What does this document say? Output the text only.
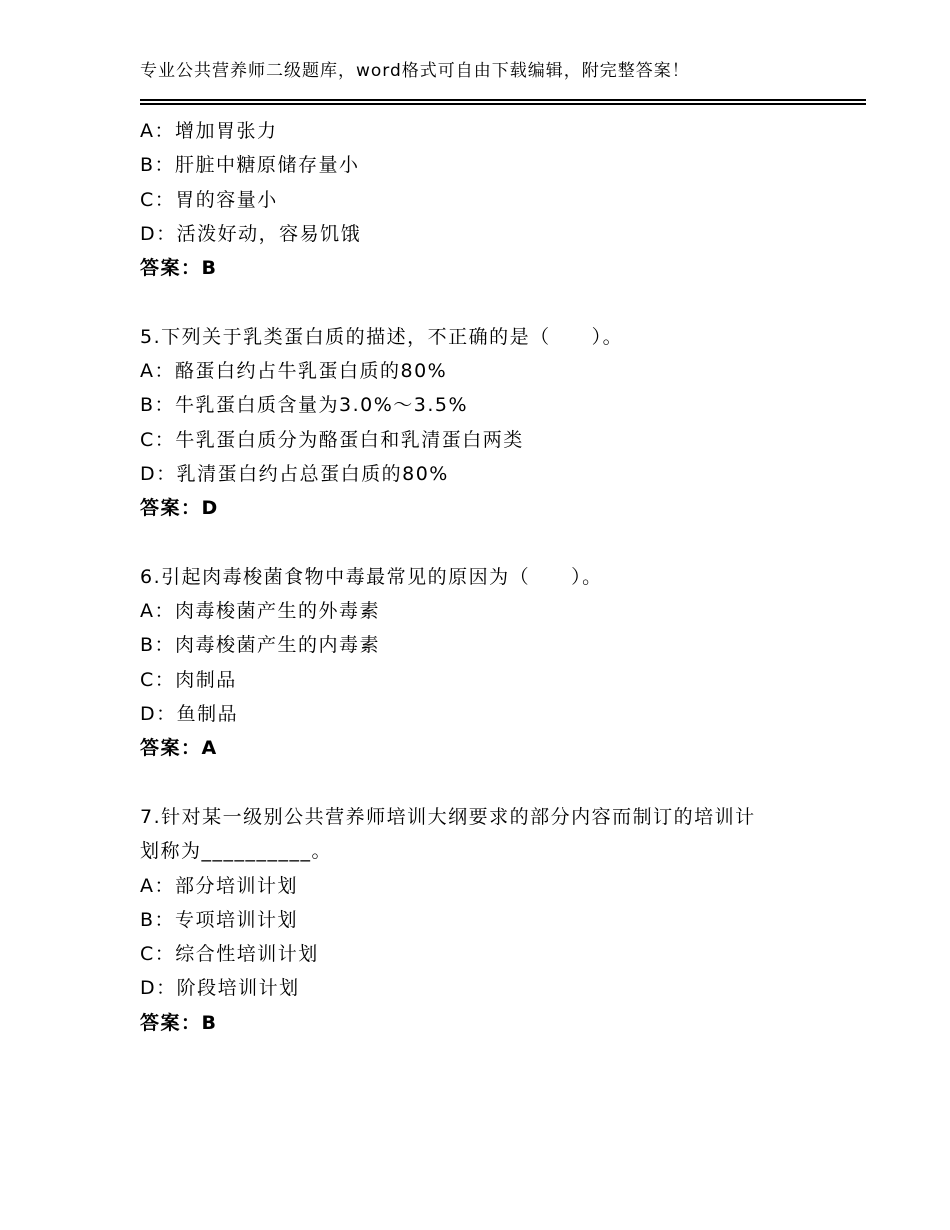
专业公共营养师二级题库，word格式可自由下载编辑，附完整答案！
A：增加胃张力
B：肝脏中糖原储存量小
C：胃的容量小
D：活泼好动，容易饥饿
答案：B
5.下列关于乳类蛋白质的描述，不正确的是（　　）。
A：酪蛋白约占牛乳蛋白质的80%
B：牛乳蛋白质含量为3.0%～3.5%
C：牛乳蛋白质分为酪蛋白和乳清蛋白两类
D：乳清蛋白约占总蛋白质的80%
答案：D
6.引起肉毒梭菌食物中毒最常见的原因为（　　）。
A：肉毒梭菌产生的外毒素
B：肉毒梭菌产生的内毒素
C：肉制品
D：鱼制品
答案：A
7.针对某一级别公共营养师培训大纲要求的部分内容而制订的培训计
划称为__________。
A：部分培训计划
B：专项培训计划
C：综合性培训计划
D：阶段培训计划
答案：B
